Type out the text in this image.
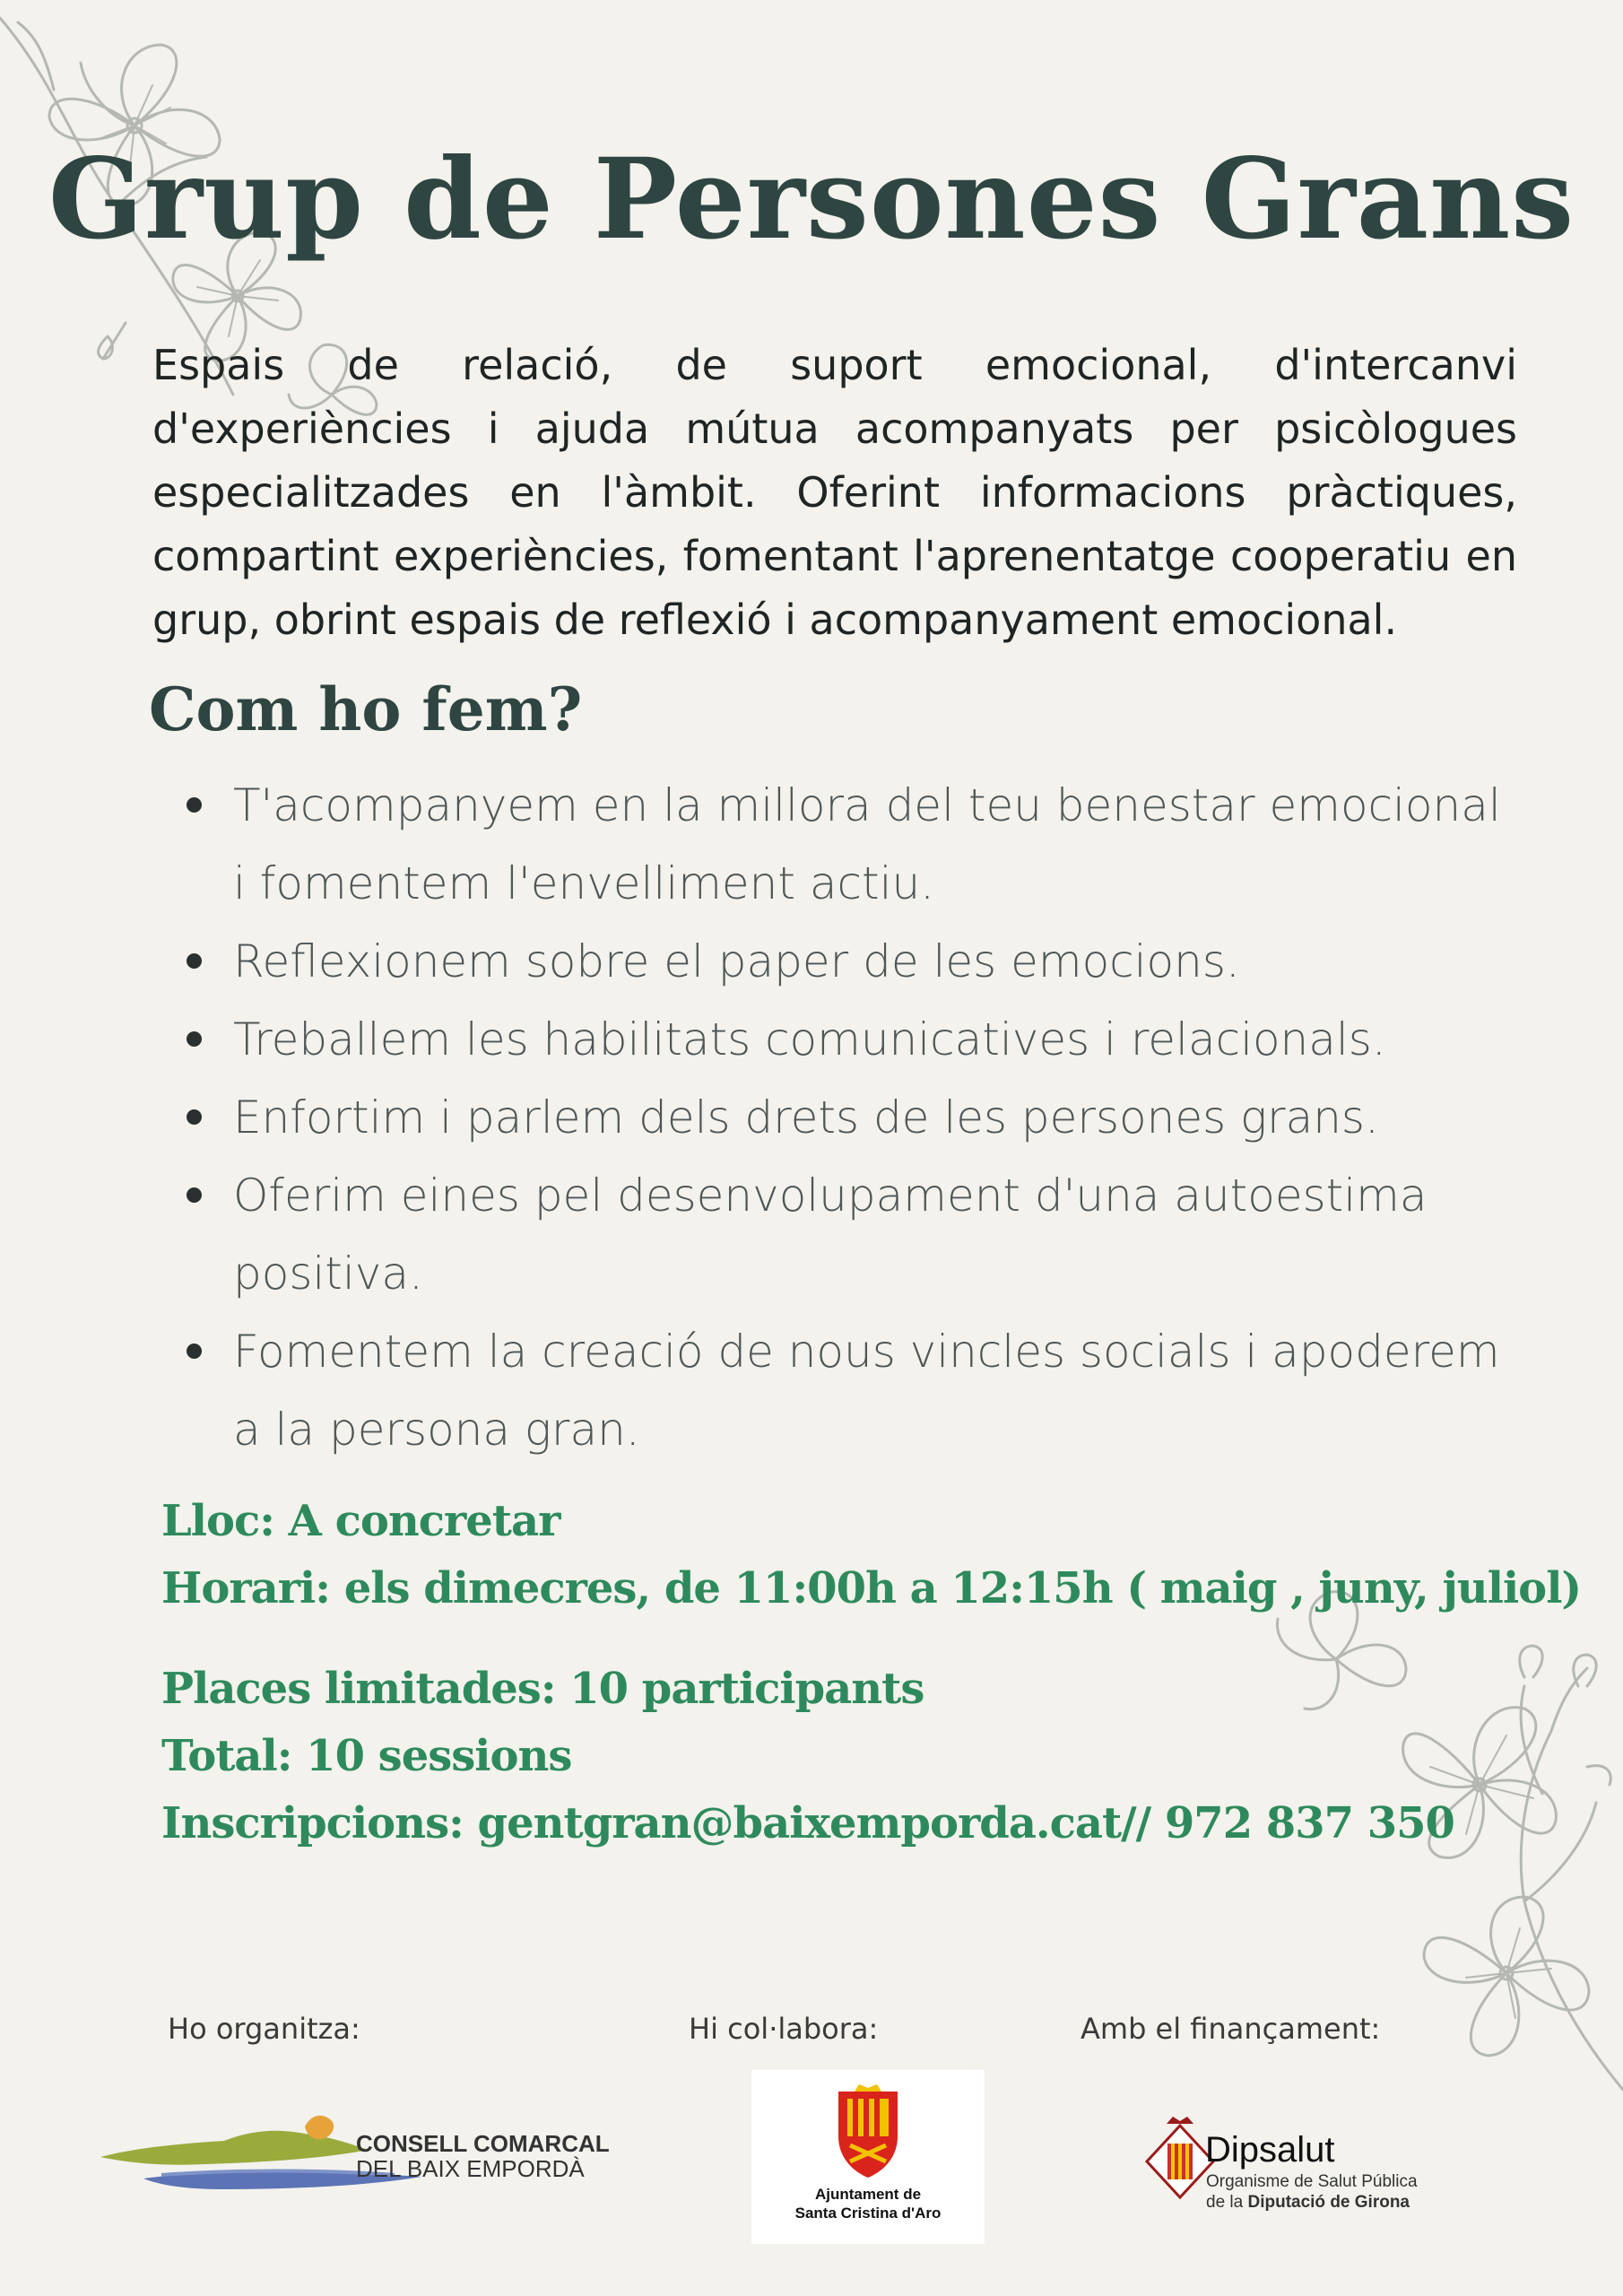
Grup de Persones Grans
Espais de relació, de suport emocional, d'intercanvi d'experiències i ajuda mútua acompanyats per psicòlogues especialitzades en l'àmbit. Oferint informacions pràctiques, compartint experiències, fomentant l'aprenentatge cooperatiu en grup, obrint espais de reflexió i acompanyament emocional.
Com ho fem?
T'acompanyem en la millora del teu benestar emocional i fomentem l'envelliment actiu.
Reflexionem sobre el paper de les emocions.
Treballem les habilitats comunicatives i relacionals.
Enfortim i parlem dels drets de les persones grans.
Oferim eines pel desenvolupament d'una autoestima positiva.
Fomentem la creació de nous vincles socials i apoderem a la persona gran.
Lloc: A concretar
Horari: els dimecres, de 11:00h a 12:15h ( maig , juny, juliol)
Places limitades: 10 participants
Total: 10 sessions
Inscripcions: gentgran@baixemporda.cat// 972 837 350
Ho organitza:	Hi col·labora:	Amb el finançament:
CONSELL COMARCAL
DEL BAIX EMPORDÀ
Ajuntament de
Santa Cristina d'Aro
Dipsalut
Organisme de Salut Pública
de la Diputació de Girona
